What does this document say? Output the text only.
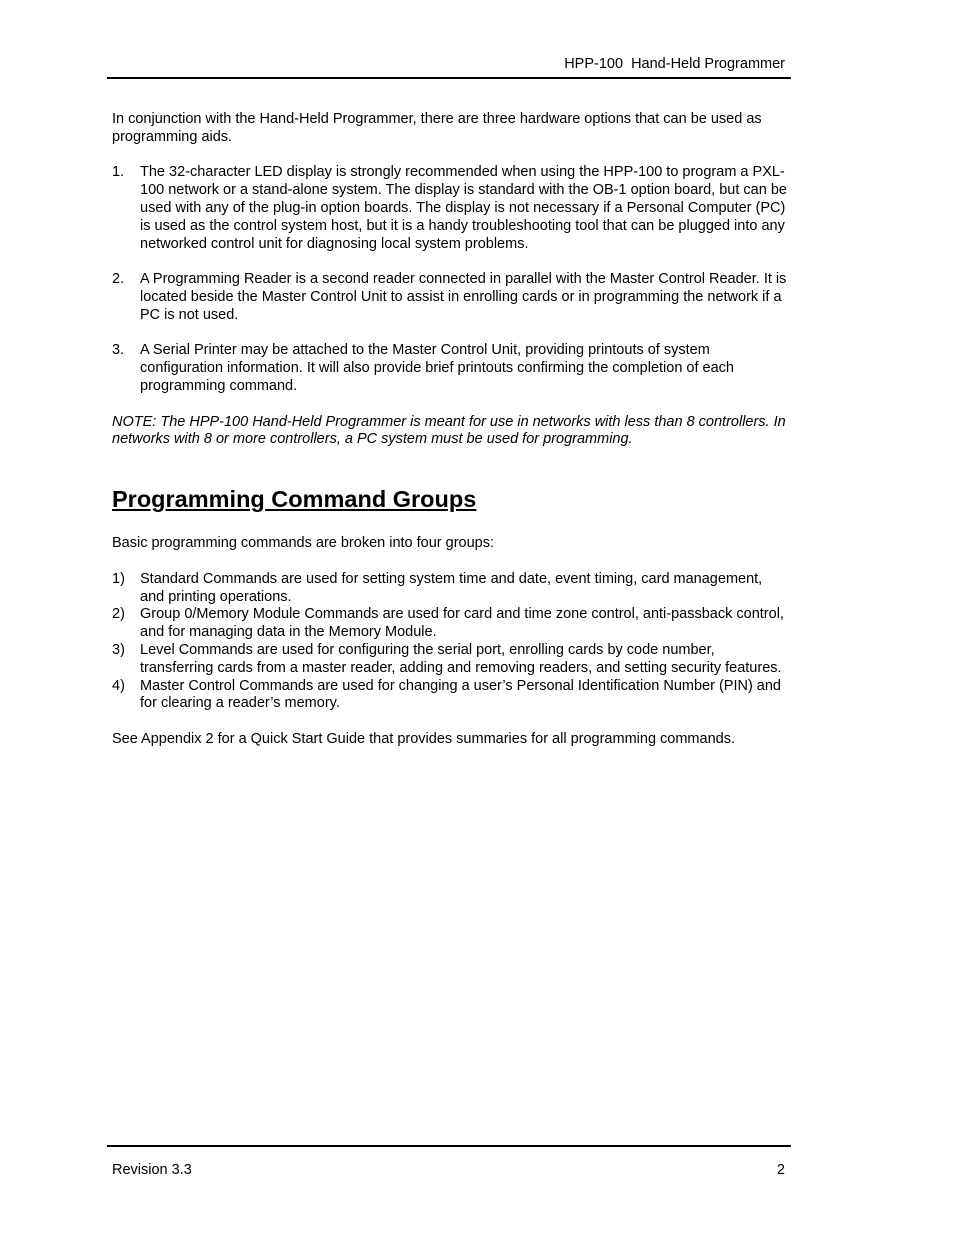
HPP-100  Hand-Held Programmer

In conjunction with the Hand-Held Programmer, there are three hardware options that can be used as programming aids.

1. The 32-character LED display is strongly recommended when using the HPP-100 to program a PXL-100 network or a stand-alone system. The display is standard with the OB-1 option board, but can be used with any of the plug-in option boards. The display is not necessary if a Personal Computer (PC) is used as the control system host, but it is a handy troubleshooting tool that can be plugged into any networked control unit for diagnosing local system problems.
2. A Programming Reader is a second reader connected in parallel with the Master Control Reader. It is located beside the Master Control Unit to assist in enrolling cards or in programming the network if a PC is not used.
3. A Serial Printer may be attached to the Master Control Unit, providing printouts of system configuration information. It will also provide brief printouts confirming the completion of each programming command.

NOTE: The HPP-100 Hand-Held Programmer is meant for use in networks with less than 8 controllers. In networks with 8 or more controllers, a PC system must be used for programming.

Programming Command Groups

Basic programming commands are broken into four groups:

1) Standard Commands are used for setting system time and date, event timing, card management, and printing operations.
2) Group 0/Memory Module Commands are used for card and time zone control, anti-passback control, and for managing data in the Memory Module.
3) Level Commands are used for configuring the serial port, enrolling cards by code number, transferring cards from a master reader, adding and removing readers, and setting security features.
4) Master Control Commands are used for changing a user’s Personal Identification Number (PIN) and for clearing a reader’s memory.

See Appendix 2 for a Quick Start Guide that provides summaries for all programming commands.

Revision 3.3	2
